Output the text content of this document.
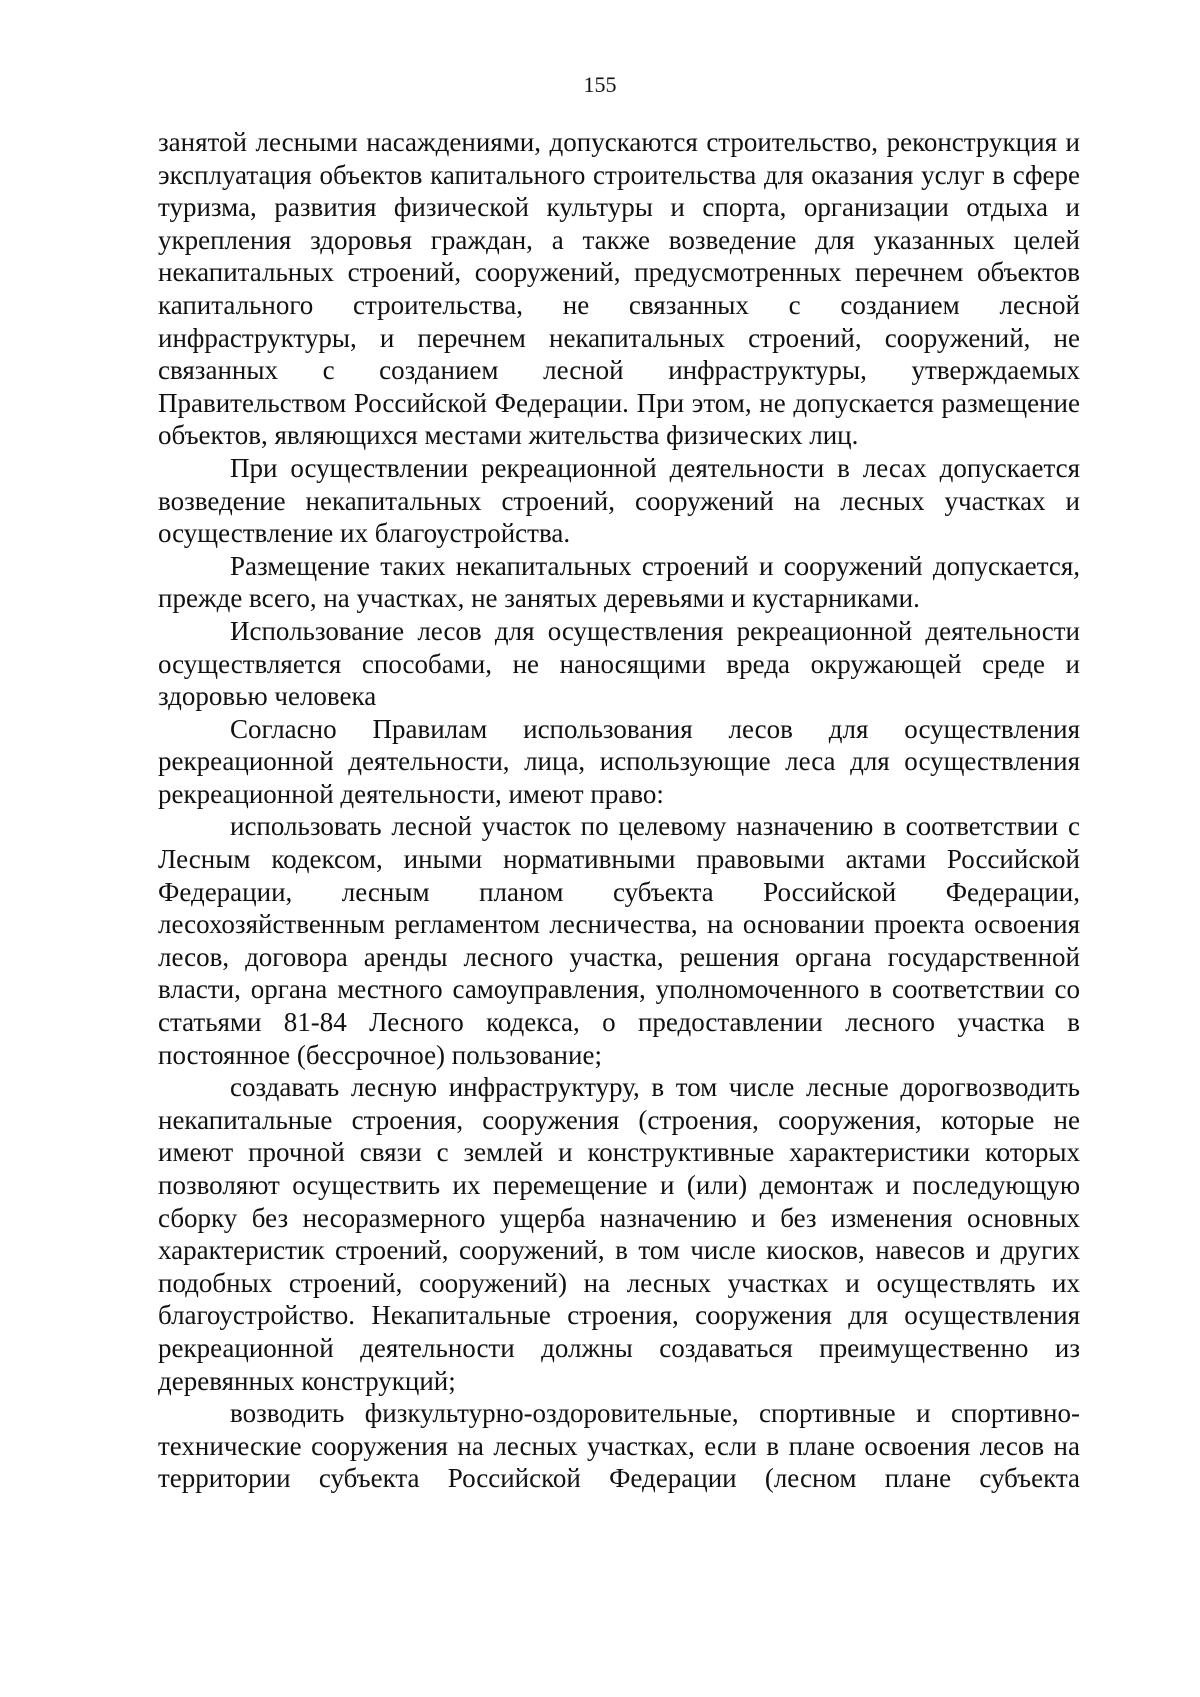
155

занятой лесными насаждениями, допускаются строительство, реконструкция и эксплуатация объектов капитального строительства для оказания услуг в сфере туризма, развития физической культуры и спорта, организации отдыха и укрепления здоровья граждан, а также возведение для указанных целей некапитальных строений, сооружений, предусмотренных перечнем объектов капитального строительства, не связанных с созданием лесной инфраструктуры, и перечнем некапитальных строений, сооружений, не связанных с созданием лесной инфраструктуры, утверждаемых Правительством Российской Федерации. При этом, не допускается размещение объектов, являющихся местами жительства физических лиц.

При осуществлении рекреационной деятельности в лесах допускается возведение некапитальных строений, сооружений на лесных участках и осуществление их благоустройства.

Размещение таких некапитальных строений и сооружений допускается, прежде всего, на участках, не занятых деревьями и кустарниками.

Использование лесов для осуществления рекреационной деятельности осуществляется способами, не наносящими вреда окружающей среде и здоровью человека

Согласно Правилам использования лесов для осуществления рекреационной деятельности, лица, использующие леса для осуществления рекреационной деятельности, имеют право:

использовать лесной участок по целевому назначению в соответствии с Лесным кодексом, иными нормативными правовыми актами Российской Федерации, лесным планом субъекта Российской Федерации, лесохозяйственным регламентом лесничества, на основании проекта освоения лесов, договора аренды лесного участка, решения органа государственной власти, органа местного самоуправления, уполномоченного в соответствии со статьями 81-84 Лесного кодекса, о предоставлении лесного участка в постоянное (бессрочное) пользование;

создавать лесную инфраструктуру, в том числе лесные дорогвозводить некапитальные строения, сооружения (строения, сооружения, которые не имеют прочной связи с землей и конструктивные характеристики которых позволяют осуществить их перемещение и (или) демонтаж и последующую сборку без несоразмерного ущерба назначению и без изменения основных характеристик строений, сооружений, в том числе киосков, навесов и других подобных строений, сооружений) на лесных участках и осуществлять их благоустройство. Некапитальные строения, сооружения для осуществления рекреационной деятельности должны создаваться преимущественно из деревянных конструкций;

возводить физкультурно-оздоровительные, спортивные и спортивно-технические сооружения на лесных участках, если в плане освоения лесов на территории субъекта Российской Федерации (лесном плане субъекта
